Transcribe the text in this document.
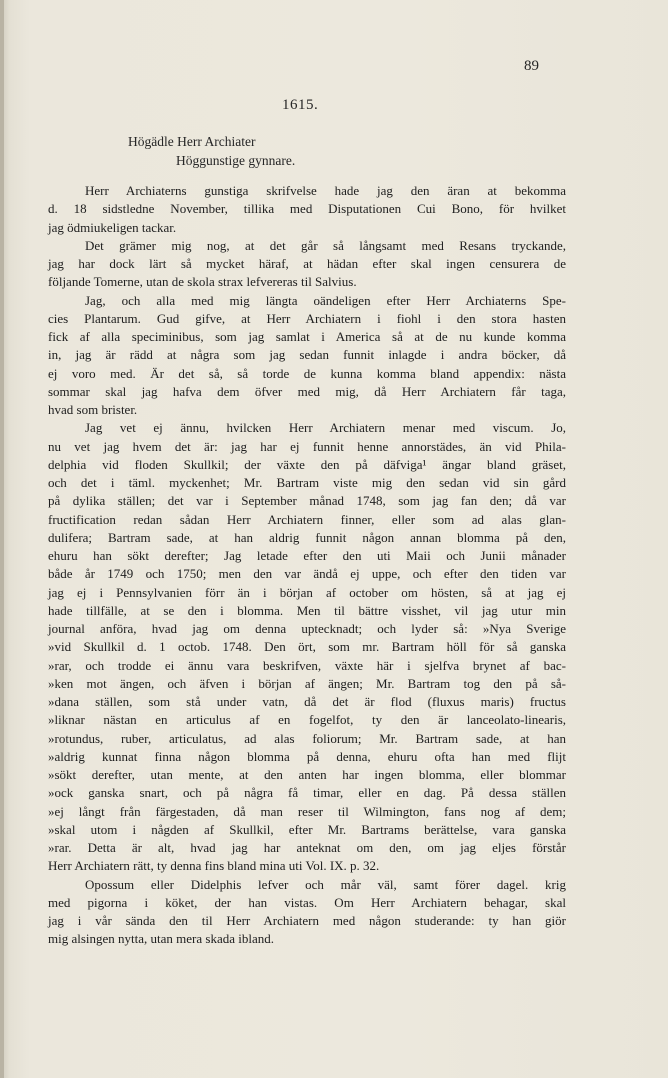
89
1615.
Högädle Herr Archiater
Höggunstige gynnare.
Herr Archiaterns gunstiga skrifvelse hade jag den äran at bekomma
d. 18 sidstledne November, tillika med Disputationen Cui Bono, för hvilket
jag ödmiukeligen tackar.
Det grämer mig nog, at det går så långsamt med Resans tryckande,
jag har dock lärt så mycket häraf, at hädan efter skal ingen censurera de
följande Tomerne, utan de skola strax lefvereras til Salvius.
Jag, och alla med mig längta oändeligen efter Herr Archiaterns Spe-
cies Plantarum. Gud gifve, at Herr Archiatern i fiohl i den stora hasten
fick af alla speciminibus, som jag samlat i America så at de nu kunde komma
in, jag är rädd at några som jag sedan funnit inlagde i andra böcker, då
ej voro med. Är det så, så torde de kunna komma bland appendix: nästa
sommar skal jag hafva dem öfver med mig, då Herr Archiatern får taga,
hvad som brister.
Jag vet ej ännu, hvilcken Herr Archiatern menar med viscum. Jo,
nu vet jag hvem det är: jag har ej funnit henne annorstädes, än vid Phila-
delphia vid floden Skullkil; der växte den på däfviga¹ ängar bland gräset,
och det i täml. myckenhet; Mr. Bartram viste mig den sedan vid sin gård
på dylika ställen; det var i September månad 1748, som jag fan den; då var
fructification redan sådan Herr Archiatern finner, eller som ad alas glan-
dulifera; Bartram sade, at han aldrig funnit någon annan blomma på den,
ehuru han sökt derefter; Jag letade efter den uti Maii och Junii månader
både år 1749 och 1750; men den var ändå ej uppe, och efter den tiden var
jag ej i Pennsylvanien förr än i början af october om hösten, så at jag ej
hade tillfälle, at se den i blomma. Men til bättre visshet, vil jag utur min
journal anföra, hvad jag om denna uptecknadt; och lyder så: »Nya Sverige
»vid Skullkil d. 1 octob. 1748. Den ört, som mr. Bartram höll för så ganska
»rar, och trodde ei ännu vara beskrifven, växte här i sjelfva brynet af bac-
»ken mot ängen, och äfven i början af ängen; Mr. Bartram tog den på så-
»dana ställen, som stå under vatn, då det är flod (fluxus maris) fructus
»liknar nästan en articulus af en fogelfot, ty den är lanceolato-linearis,
»rotundus, ruber, articulatus, ad alas foliorum; Mr. Bartram sade, at han
»aldrig kunnat finna någon blomma på denna, ehuru ofta han med flijt
»sökt derefter, utan mente, at den anten har ingen blomma, eller blommar
»ock ganska snart, och på några få timar, eller en dag. På dessa ställen
»ej långt från färgestaden, då man reser til Wilmington, fans nog af dem;
»skal utom i någden af Skullkil, efter Mr. Bartrams berättelse, vara ganska
»rar. Detta är alt, hvad jag har anteknat om den, om jag eljes förstår
Herr Archiatern rätt, ty denna fins bland mina uti Vol. IX. p. 32.
Opossum eller Didelphis lefver och mår väl, samt förer dagel. krig
med pigorna i köket, der han vistas. Om Herr Archiatern behagar, skal
jag i vår sända den til Herr Archiatern med någon studerande: ty han giör
mig alsingen nytta, utan mera skada ibland.
